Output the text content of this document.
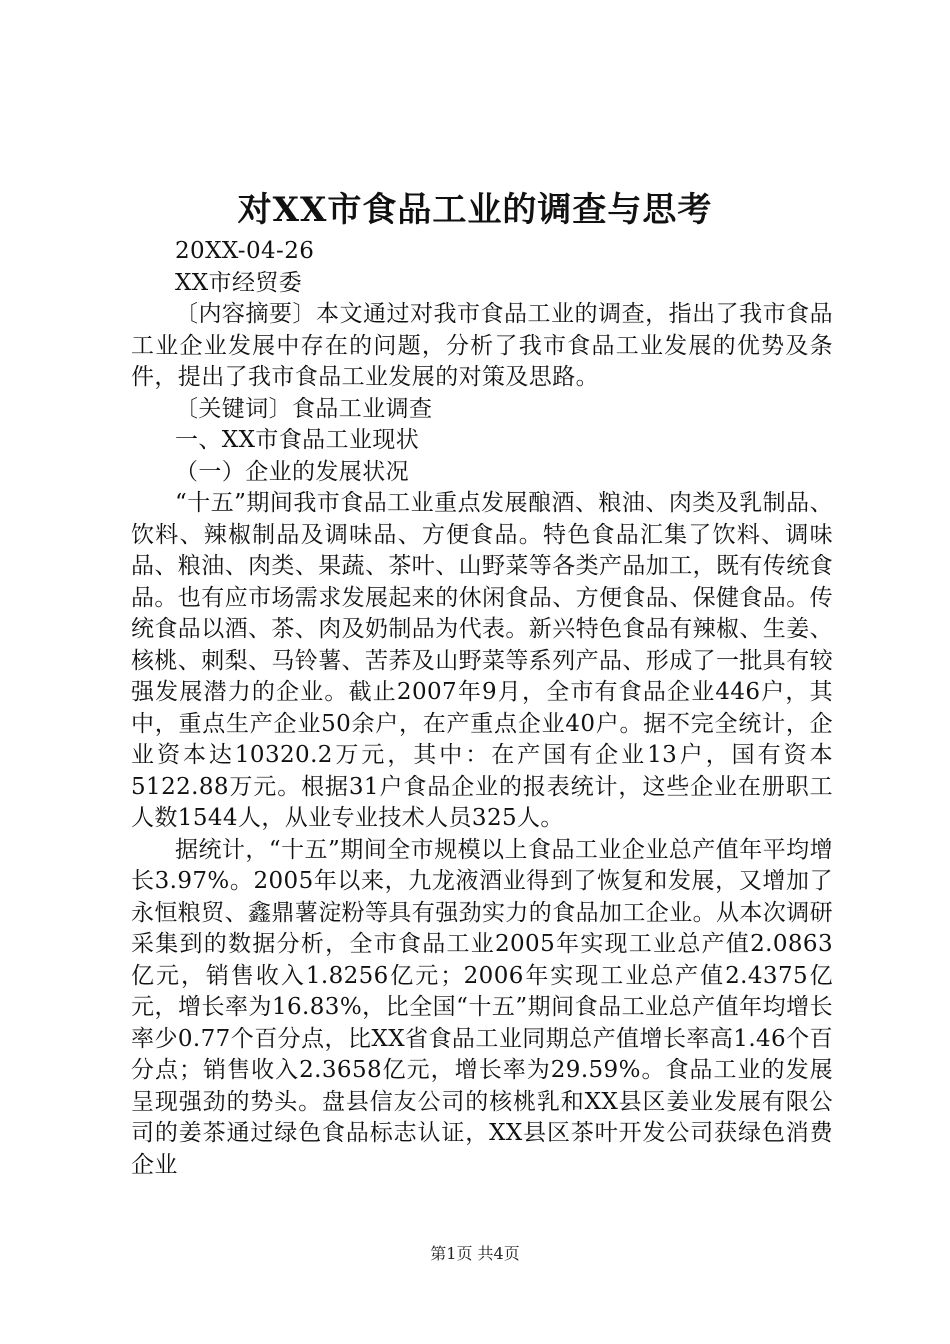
对XX市食品工业的调查与思考
20XX-04-26
XX市经贸委
〔内容摘要〕本文通过对我市食品工业的调查，指出了我市食品工业企业发展中存在的问题，分析了我市食品工业发展的优势及条件，提出了我市食品工业发展的对策及思路。
〔关键词〕食品工业调查
一、XX市食品工业现状
（一）企业的发展状况
“十五”期间我市食品工业重点发展酿酒、粮油、肉类及乳制品、饮料、辣椒制品及调味品、方便食品。特色食品汇集了饮料、调味品、粮油、肉类、果蔬、茶叶、山野菜等各类产品加工，既有传统食品。也有应市场需求发展起来的休闲食品、方便食品、保健食品。传统食品以酒、茶、肉及奶制品为代表。新兴特色食品有辣椒、生姜、核桃、刺梨、马铃薯、苦荞及山野菜等系列产品、形成了一批具有较强发展潜力的企业。截止2007年9月，全市有食品企业446户，其中，重点生产企业50余户，在产重点企业40户。据不完全统计，企业资本达10320.2万元，其中：在产国有企业13户，国有资本5122.88万元。根据31户食品企业的报表统计，这些企业在册职工人数1544人，从业专业技术人员325人。
据统计，“十五”期间全市规模以上食品工业企业总产值年平均增长3.97%。2005年以来，九龙液酒业得到了恢复和发展，又增加了永恒粮贸、鑫鼎薯淀粉等具有强劲实力的食品加工企业。从本次调研采集到的数据分析，全市食品工业2005年实现工业总产值2.0863亿元，销售收入1.8256亿元；2006年实现工业总产值2.4375亿元，增长率为16.83%，比全国“十五”期间食品工业总产值年均增长率少0.77个百分点，比XX省食品工业同期总产值增长率高1.46个百分点；销售收入2.3658亿元，增长率为29.59%。食品工业的发展呈现强劲的势头。盘县信友公司的核桃乳和XX县区姜业发展有限公司的姜茶通过绿色食品标志认证，XX县区茶叶开发公司获绿色消费企业
第1页 共4页
